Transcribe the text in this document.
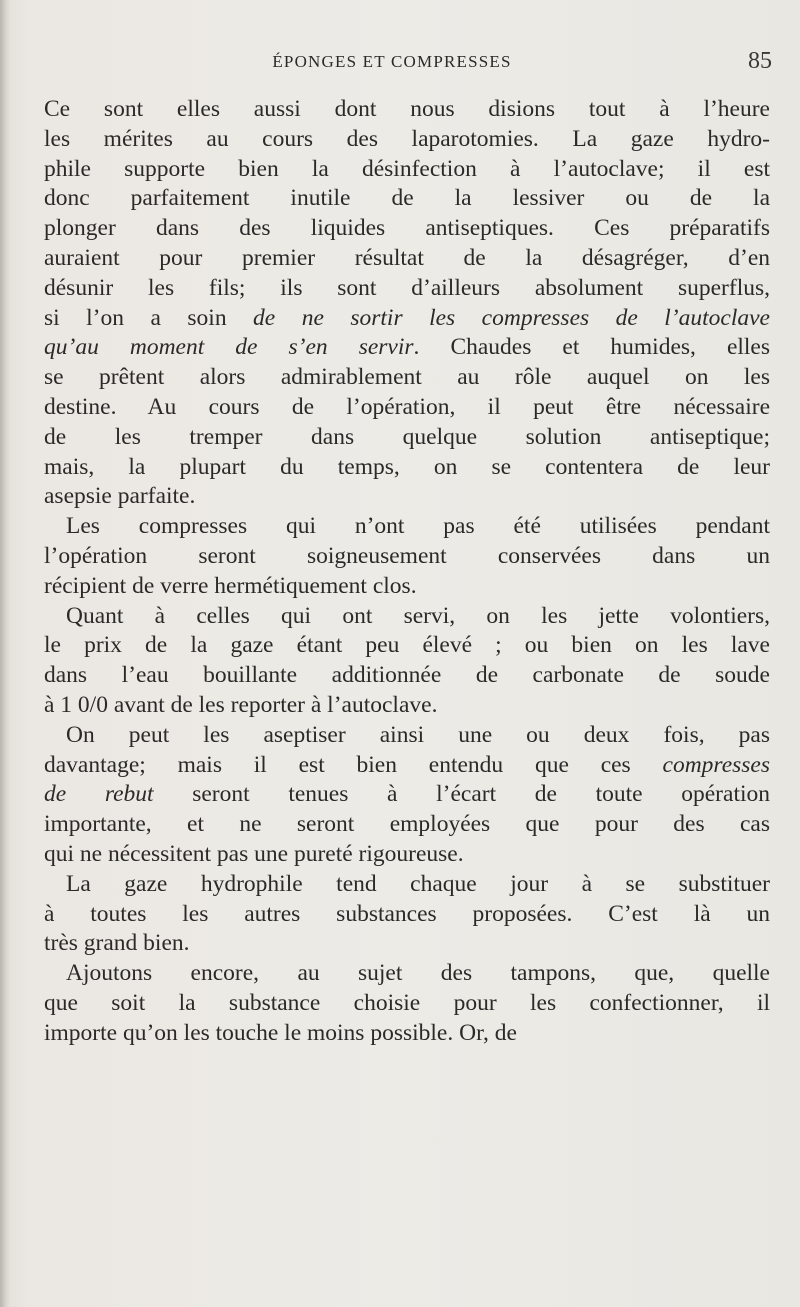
ÉPONGES ET COMPRESSES	85
Ce sont elles aussi dont nous disions tout à l’heure
les mérites au cours des laparotomies. La gaze hydro-
phile supporte bien la désinfection à l’autoclave; il est
donc parfaitement inutile de la lessiver ou de la
plonger dans des liquides antiseptiques. Ces préparatifs
auraient pour premier résultat de la désagréger, d’en
désunir les fils; ils sont d’ailleurs absolument superflus,
si l’on a soin de ne sortir les compresses de l’autoclave
qu’au moment de s’en servir. Chaudes et humides, elles
se prêtent alors admirablement au rôle auquel on les
destine. Au cours de l’opération, il peut être nécessaire
de les tremper dans quelque solution antiseptique;
mais, la plupart du temps, on se contentera de leur
asepsie parfaite.
Les compresses qui n’ont pas été utilisées pendant
l’opération seront soigneusement conservées dans un
récipient de verre hermétiquement clos.
Quant à celles qui ont servi, on les jette volontiers,
le prix de la gaze étant peu élevé ; ou bien on les lave
dans l’eau bouillante additionnée de carbonate de soude
à 1 0/0 avant de les reporter à l’autoclave.
On peut les aseptiser ainsi une ou deux fois, pas
davantage; mais il est bien entendu que ces compresses
de rebut seront tenues à l’écart de toute opération
importante, et ne seront employées que pour des cas
qui ne nécessitent pas une pureté rigoureuse.
La gaze hydrophile tend chaque jour à se substituer
à toutes les autres substances proposées. C’est là un
très grand bien.
Ajoutons encore, au sujet des tampons, que, quelle
que soit la substance choisie pour les confectionner, il
importe qu’on les touche le moins possible. Or, de
